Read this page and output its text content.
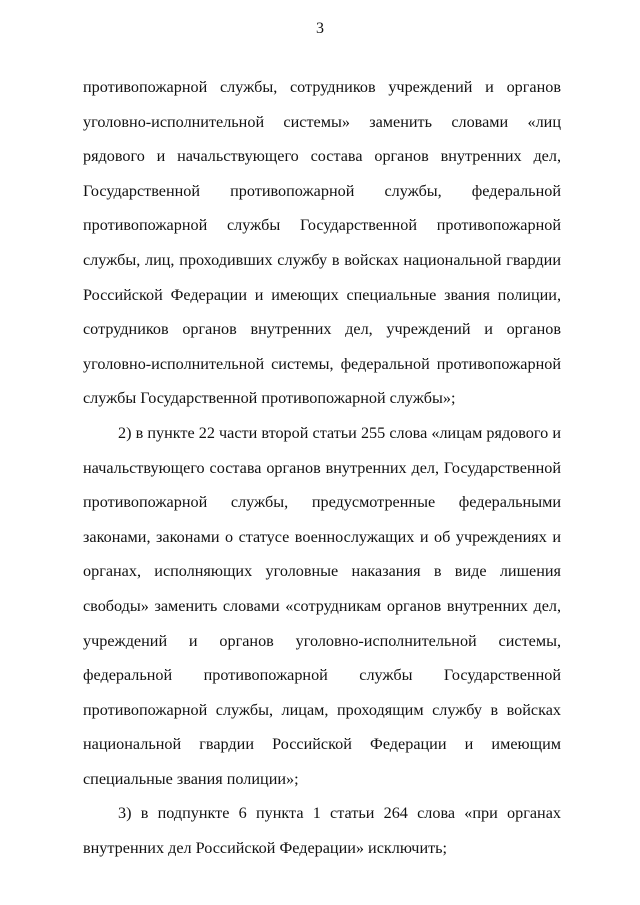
3

противопожарной службы, сотрудников учреждений и органов уголовно-исполнительной системы» заменить словами «лиц рядового и начальствующего состава органов внутренних дел, Государственной противопожарной службы, федеральной противопожарной службы Государственной противопожарной службы, лиц, проходивших службу в войсках национальной гвардии Российской Федерации и имеющих специальные звания полиции, сотрудников органов внутренних дел, учреждений и органов уголовно-исполнительной системы, федеральной противопожарной службы Государственной противопожарной службы»;

2) в пункте 22 части второй статьи 255 слова «лицам рядового и начальствующего состава органов внутренних дел, Государственной противопожарной службы, предусмотренные федеральными законами, законами о статусе военнослужащих и об учреждениях и органах, исполняющих уголовные наказания в виде лишения свободы» заменить словами «сотрудникам органов внутренних дел, учреждений и органов уголовно-исполнительной системы, федеральной противопожарной службы Государственной противопожарной службы, лицам, проходящим службу в войсках национальной гвардии Российской Федерации и имеющим специальные звания полиции»;

3) в подпункте 6 пункта 1 статьи 264 слова «при органах внутренних дел Российской Федерации» исключить;
